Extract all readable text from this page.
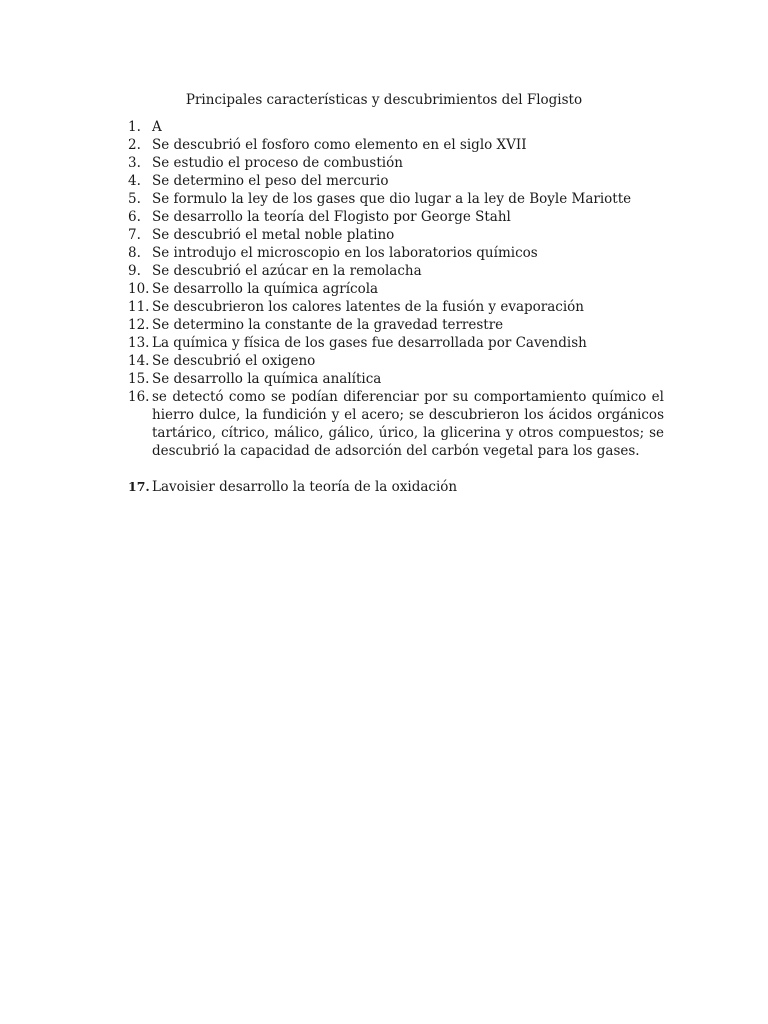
Principales características y descubrimientos del Flogisto
1. A
2. Se descubrió el fosforo como elemento en el siglo XVII
3. Se estudio el proceso de combustión
4. Se determino el peso del mercurio
5. Se formulo la ley de los gases que dio lugar a la ley de Boyle Mariotte
6. Se desarrollo la teoría del Flogisto por George Stahl
7. Se descubrió el metal noble platino
8. Se introdujo el microscopio en los laboratorios químicos
9. Se descubrió el azúcar en la remolacha
10. Se desarrollo la química agrícola
11. Se descubrieron los calores latentes de la fusión y evaporación
12. Se determino la constante de la gravedad terrestre
13. La química y física de los gases fue desarrollada por Cavendish
14. Se descubrió el oxigeno
15. Se desarrollo la química analítica
16. se detectó como se podían diferenciar por su comportamiento químico el hierro dulce, la fundición y el acero; se descubrieron los ácidos orgánicos tartárico, cítrico, málico, gálico, úrico, la glicerina y otros compuestos; se descubrió la capacidad de adsorción del carbón vegetal para los gases.
17. Lavoisier desarrollo la teoría de la oxidación
